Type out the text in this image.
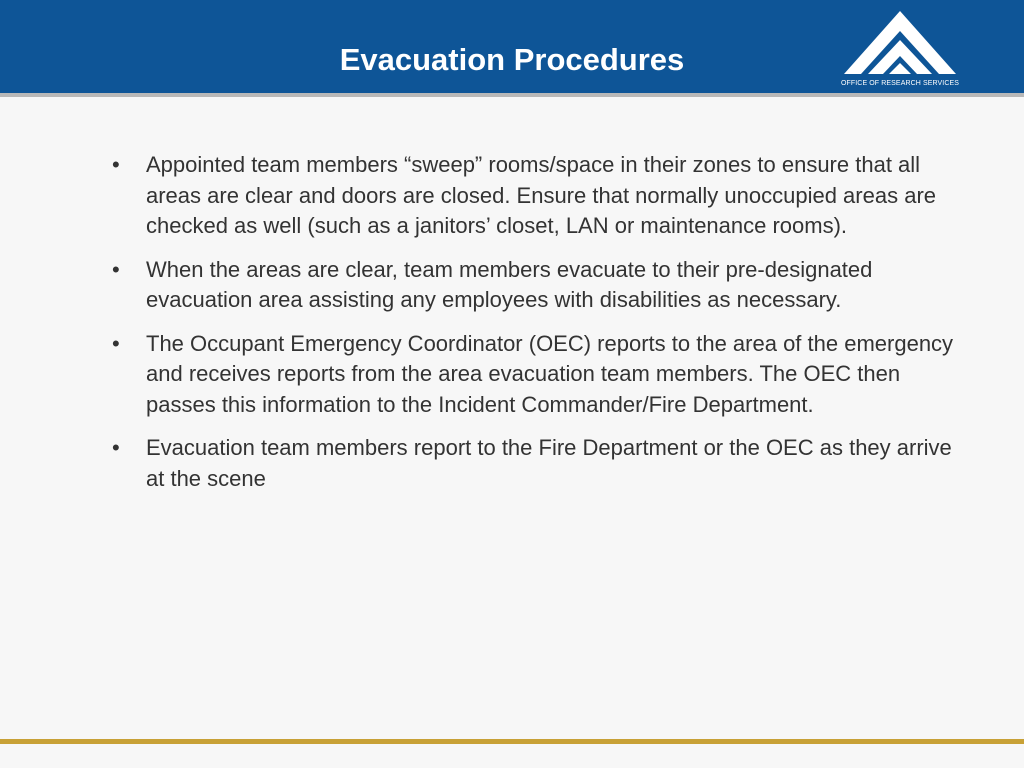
Evacuation Procedures
OFFICE OF RESEARCH SERVICES
•	Appointed team members “sweep” rooms/space in their zones to ensure that all areas are clear and doors are closed. Ensure that normally unoccupied areas are checked as well (such as a janitors’ closet, LAN or maintenance rooms).
•	When the areas are clear, team members evacuate to their pre-designated evacuation area assisting any employees with disabilities as necessary.
•	The Occupant Emergency Coordinator (OEC) reports to the area of the emergency and receives reports from the area evacuation team members. The OEC then passes this information to the Incident Commander/Fire Department.
•	Evacuation team members report to the Fire Department or the OEC as they arrive at the scene
